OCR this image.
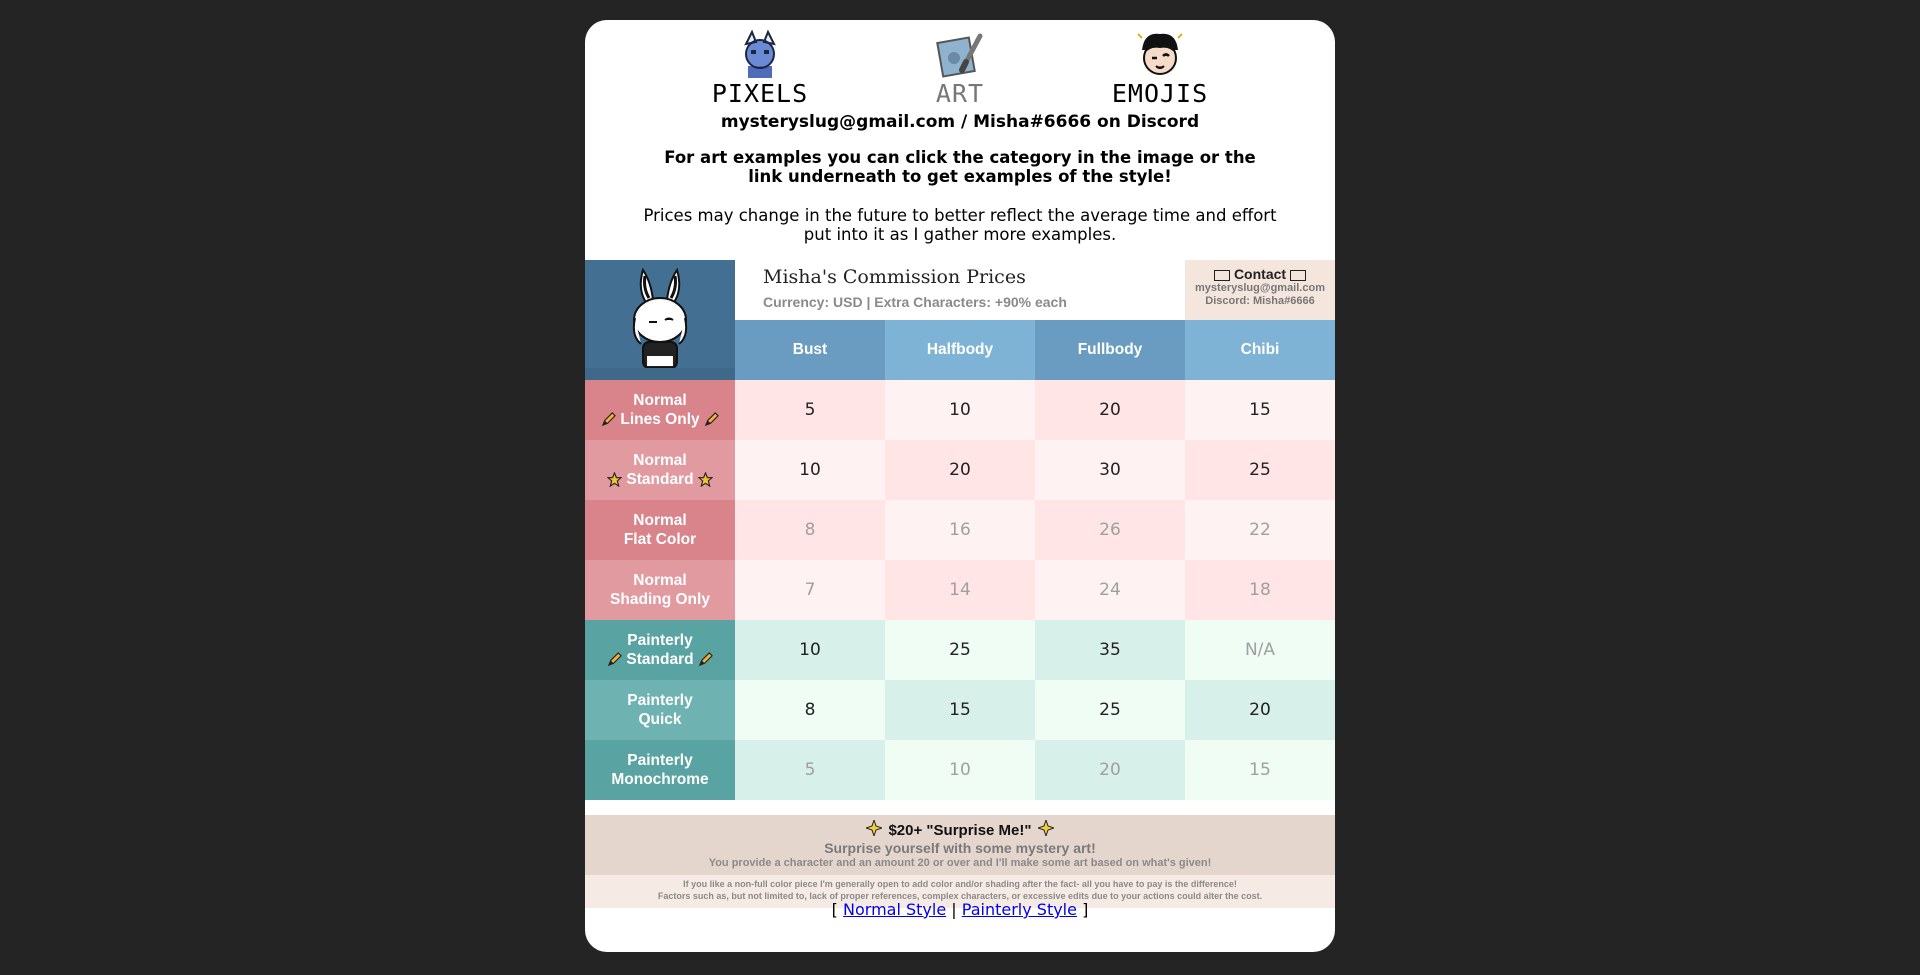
PIXELS	ART	EMOJIS
mysteryslug@gmail.com / Misha#6666 on Discord
For art examples you can click the category in the image or the link underneath to get examples of the style!
Prices may change in the future to better reflect the average time and effort put into it as I gather more examples.
Misha's Commission Prices
Currency: USD | Extra Characters: +90% each
Contact
mysteryslug@gmail.com
Discord: Misha#6666
Bust	Halfbody	Fullbody	Chibi
Normal
Lines Only	5	10	20	15
Normal
Standard	10	20	30	25
Normal
Flat Color	8	16	26	22
Normal
Shading Only	7	14	24	18
Painterly
Standard	10	25	35	N/A
Painterly
Quick	8	15	25	20
Painterly
Monochrome	5	10	20	15
$20+ "Surprise Me!"
Surprise yourself with some mystery art!
You provide a character and an amount 20 or over and I'll make some art based on what's given!
If you like a non-full color piece I'm generally open to add color and/or shading after the fact- all you have to pay is the difference!
Factors such as, but not limited to, lack of proper references, complex characters, or excessive edits due to your actions could alter the cost.
[ Normal Style | Painterly Style ]
